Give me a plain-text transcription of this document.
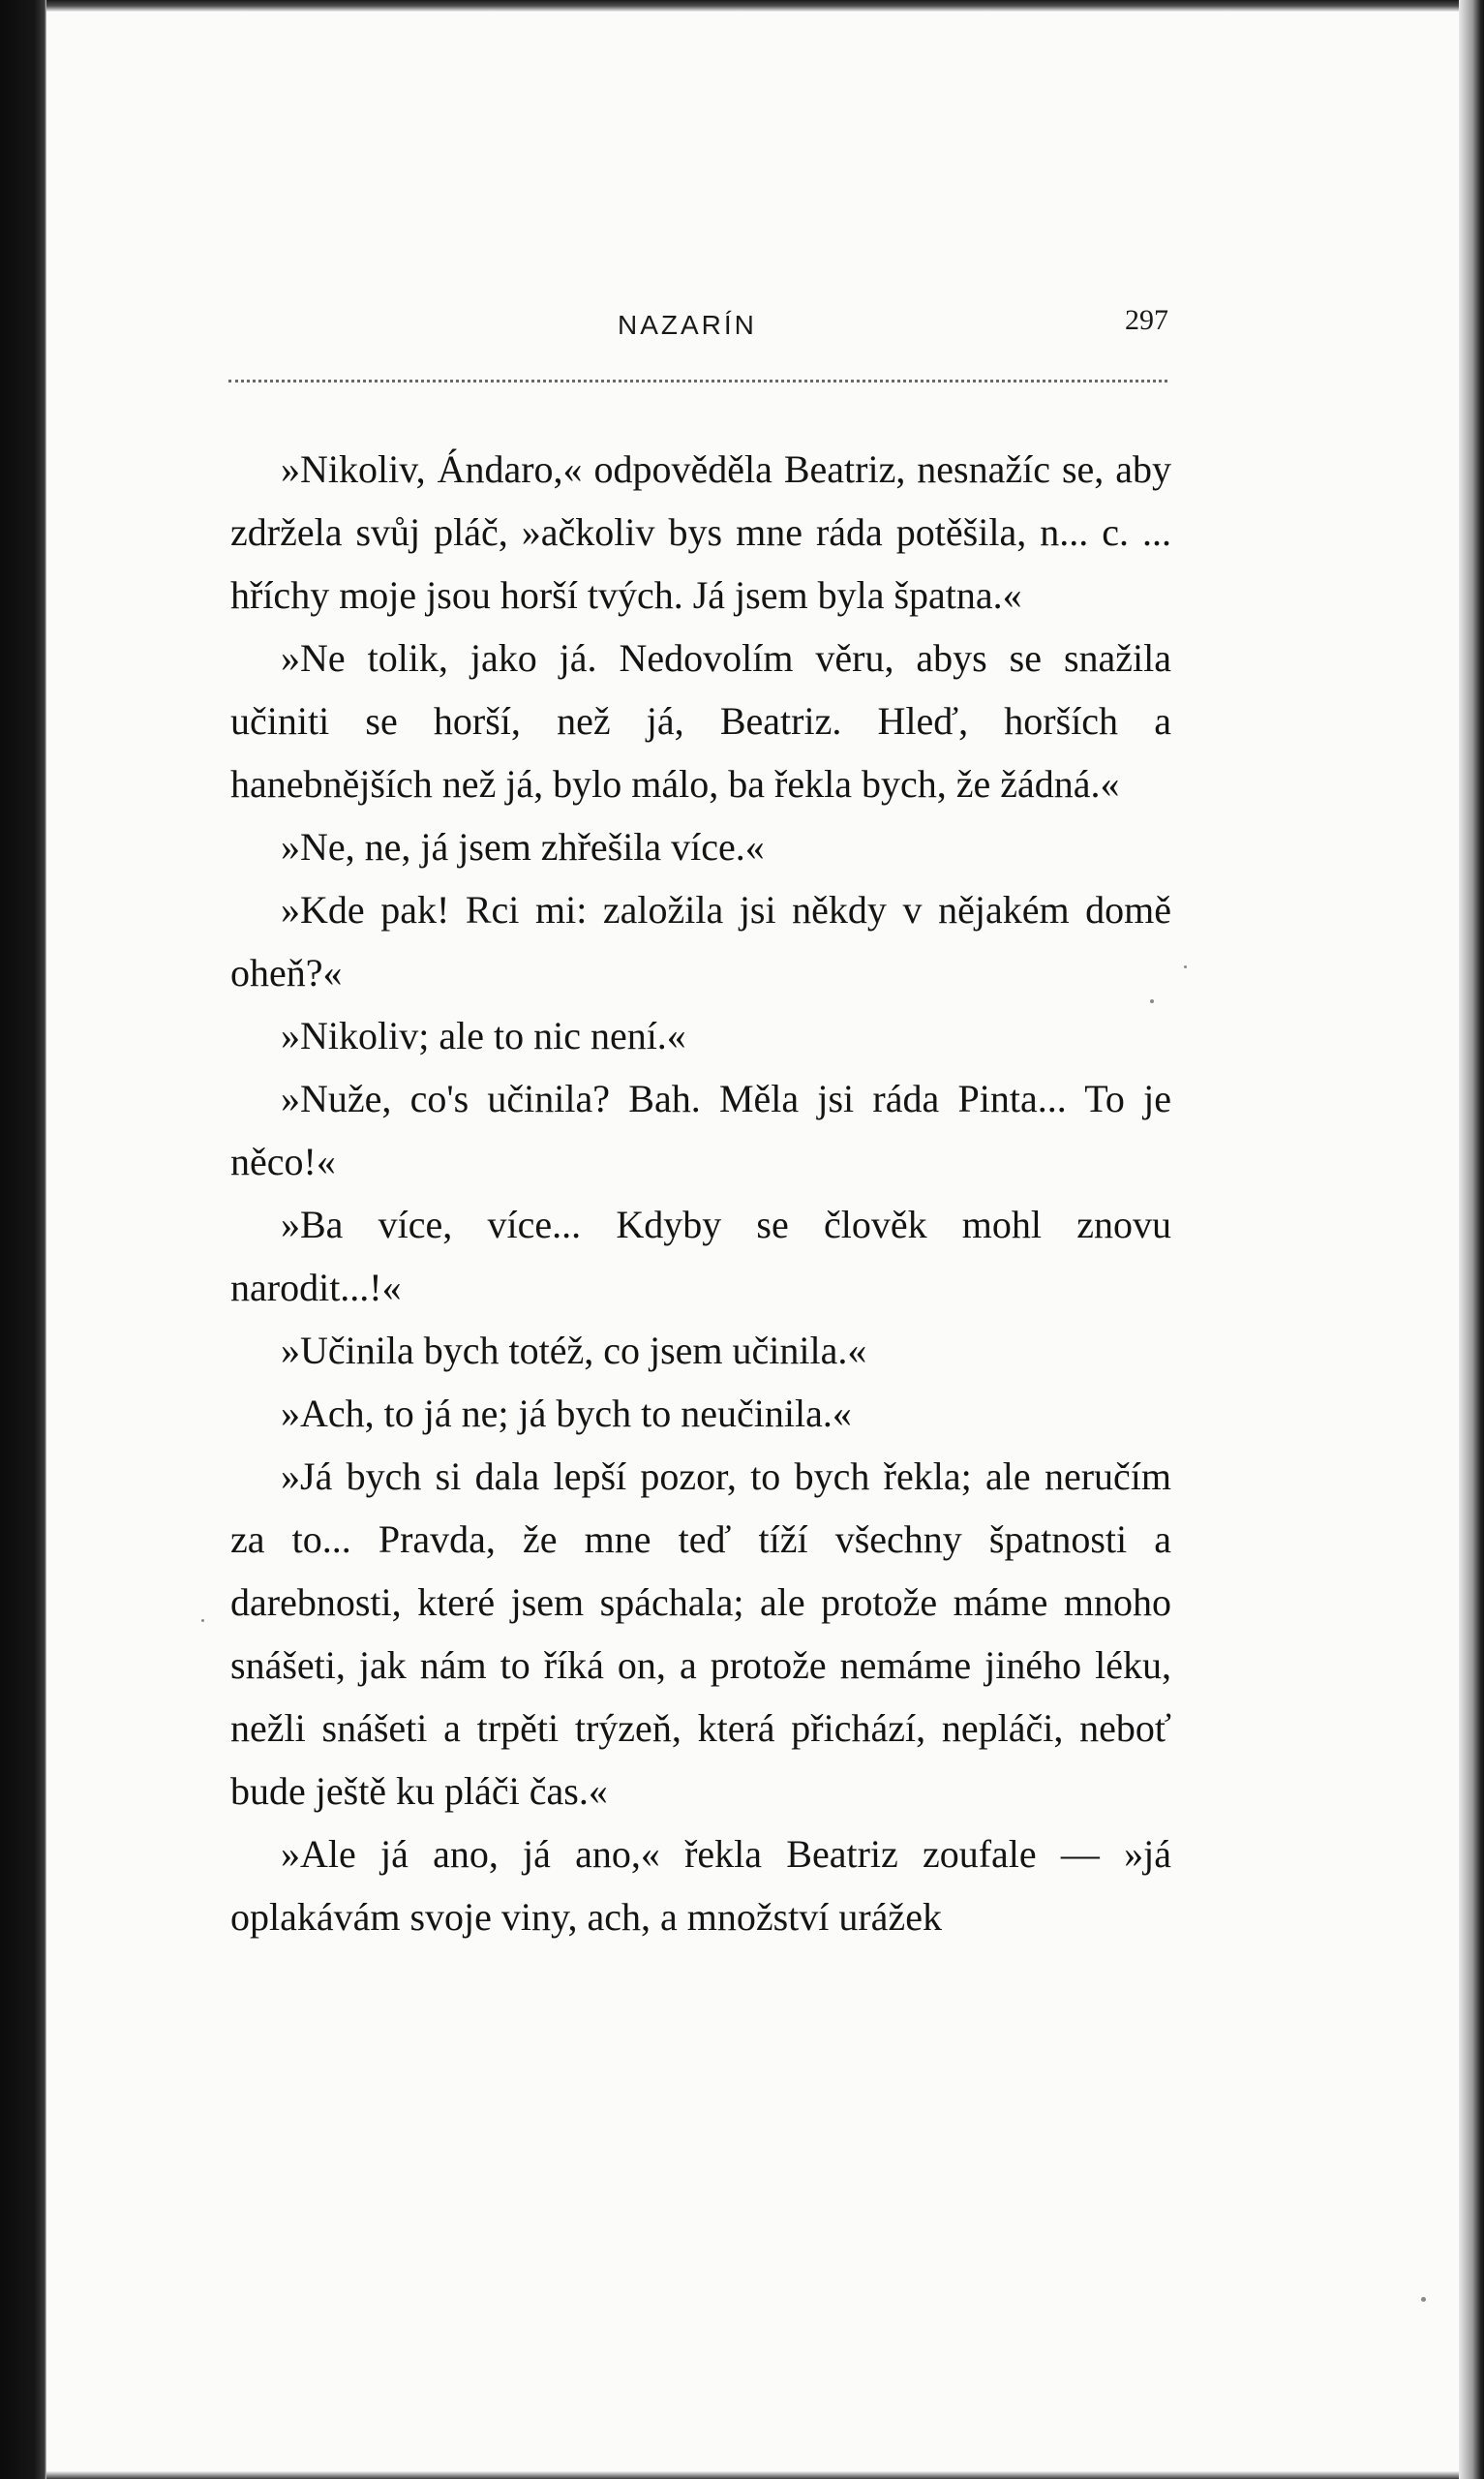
NAZARÍN	297

»Nikoliv, Ándaro,« odpověděla Beatriz, nesnažíc se, aby zdržela svůj pláč, »ačkoliv bys mne ráda potěšila, n... c. ... hříchy moje jsou horší tvých. Já jsem byla špatna.«

»Ne tolik, jako já. Nedovolím věru, abys se snažila učiniti se horší, než já, Beatriz. Hleď, horších a hanebnějších než já, bylo málo, ba řekla bych, že žádná.«

»Ne, ne, já jsem zhřešila více.«

»Kde pak! Rci mi: založila jsi někdy v nějakém domě oheň?«

»Nikoliv; ale to nic není.«

»Nuže, co's učinila? Bah. Měla jsi ráda Pinta... To je něco!«

»Ba více, více... Kdyby se člověk mohl znovu narodit...!«

»Učinila bych totéž, co jsem učinila.«

»Ach, to já ne; já bych to neučinila.«

»Já bych si dala lepší pozor, to bych řekla; ale neručím za to... Pravda, že mne teď tíží všechny špatnosti a darebnosti, které jsem spáchala; ale protože máme mnoho snášeti, jak nám to říká on, a protože nemáme jiného léku, nežli snášeti a trpěti trýzeň, která přichází, nepláči, neboť bude ještě ku pláči čas.«

»Ale já ano, já ano,« řekla Beatriz zoufale — »já oplakávám svoje viny, ach, a množství urážek
